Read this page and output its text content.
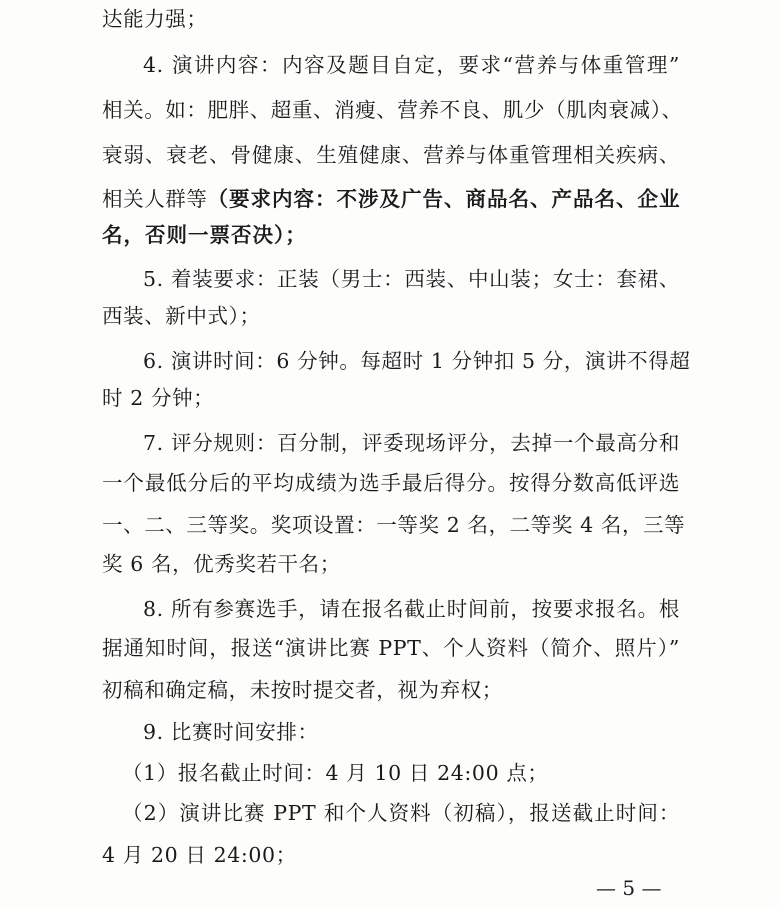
达能力强；
4. 演讲内容：内容及题目自定，要求“营养与体重管理”
相关。如：肥胖、超重、消瘦、营养不良、肌少（肌肉衰减）、
衰弱、衰老、骨健康、生殖健康、营养与体重管理相关疾病、
相关人群等（要求内容：不涉及广告、商品名、产品名、企业
名，否则一票否决）；
5. 着装要求：正装（男士：西装、中山装；女士：套裙、
西装、新中式）；
6. 演讲时间：6 分钟。每超时 1 分钟扣 5 分，演讲不得超
时 2 分钟；
7. 评分规则：百分制，评委现场评分，去掉一个最高分和
一个最低分后的平均成绩为选手最后得分。按得分数高低评选
一、二、三等奖。奖项设置：一等奖 2 名，二等奖 4 名，三等
奖 6 名，优秀奖若干名；
8. 所有参赛选手，请在报名截止时间前，按要求报名。根
据通知时间，报送“演讲比赛 PPT、个人资料（简介、照片）”
初稿和确定稿，未按时提交者，视为弃权；
9. 比赛时间安排：
（1）报名截止时间：4 月 10 日 24:00 点；
（2）演讲比赛 PPT 和个人资料（初稿），报送截止时间：
4 月 20 日 24:00；
— 5 —
